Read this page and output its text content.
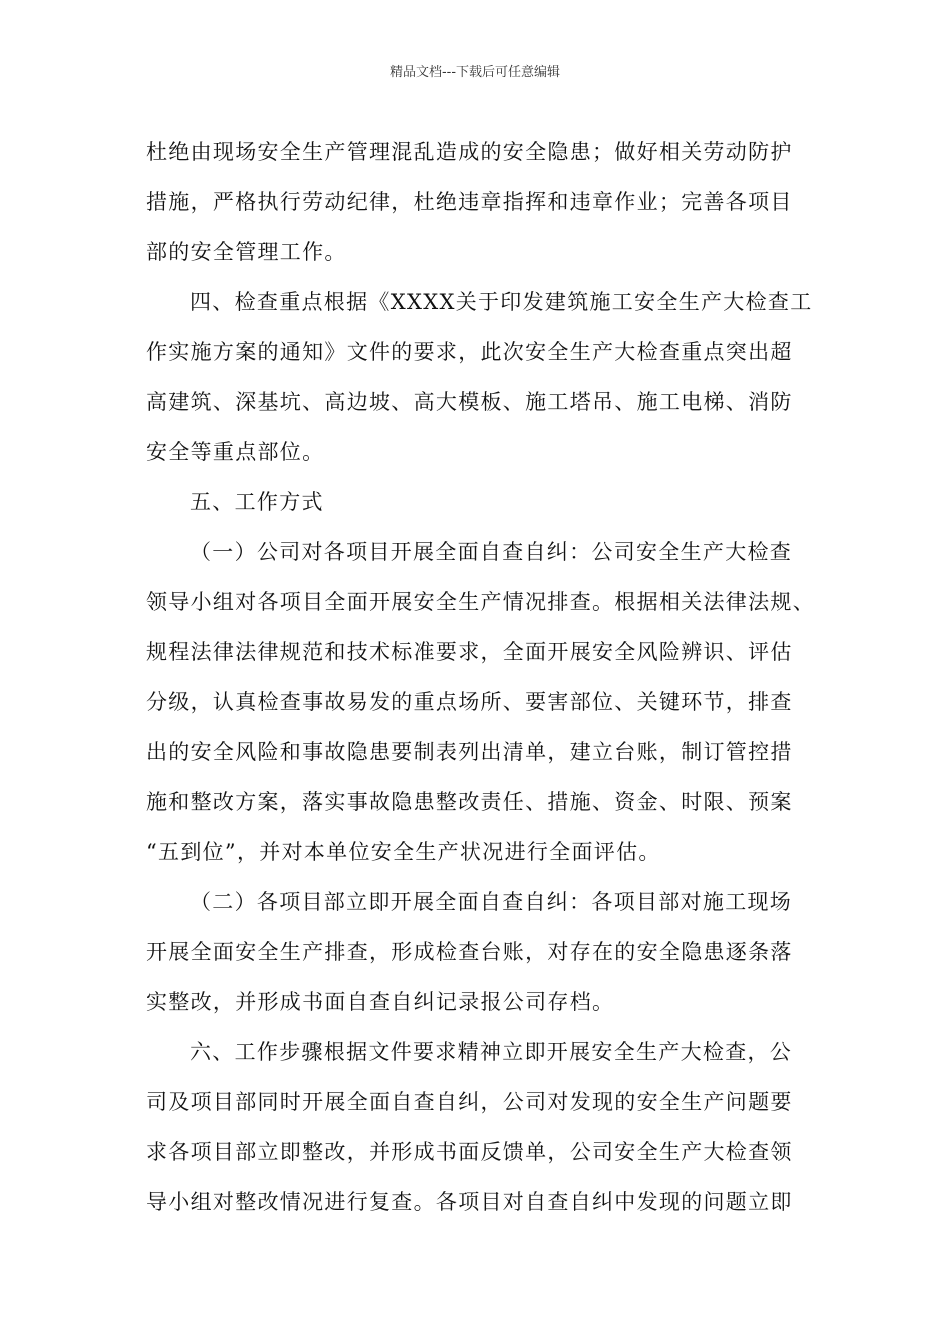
精品文档---下载后可任意编辑
杜绝由现场安全生产管理混乱造成的安全隐患；做好相关劳动防护
措施，严格执行劳动纪律，杜绝违章指挥和违章作业；完善各项目
部的安全管理工作。
四、检查重点根据《XXXX关于印发建筑施工安全生产大检查工
作实施方案的通知》文件的要求，此次安全生产大检查重点突出超
高建筑、深基坑、高边坡、高大模板、施工塔吊、施工电梯、消防
安全等重点部位。
五、工作方式
（一）公司对各项目开展全面自查自纠：公司安全生产大检查
领导小组对各项目全面开展安全生产情况排查。根据相关法律法规、
规程法律法律规范和技术标准要求，全面开展安全风险辨识、评估
分级，认真检查事故易发的重点场所、要害部位、关键环节，排查
出的安全风险和事故隐患要制表列出清单，建立台账，制订管控措
施和整改方案，落实事故隐患整改责任、措施、资金、时限、预案
“五到位”，并对本单位安全生产状况进行全面评估。
（二）各项目部立即开展全面自查自纠：各项目部对施工现场
开展全面安全生产排查，形成检查台账，对存在的安全隐患逐条落
实整改，并形成书面自查自纠记录报公司存档。
六、工作步骤根据文件要求精神立即开展安全生产大检查，公
司及项目部同时开展全面自查自纠，公司对发现的安全生产问题要
求各项目部立即整改，并形成书面反馈单，公司安全生产大检查领
导小组对整改情况进行复查。各项目对自查自纠中发现的问题立即
